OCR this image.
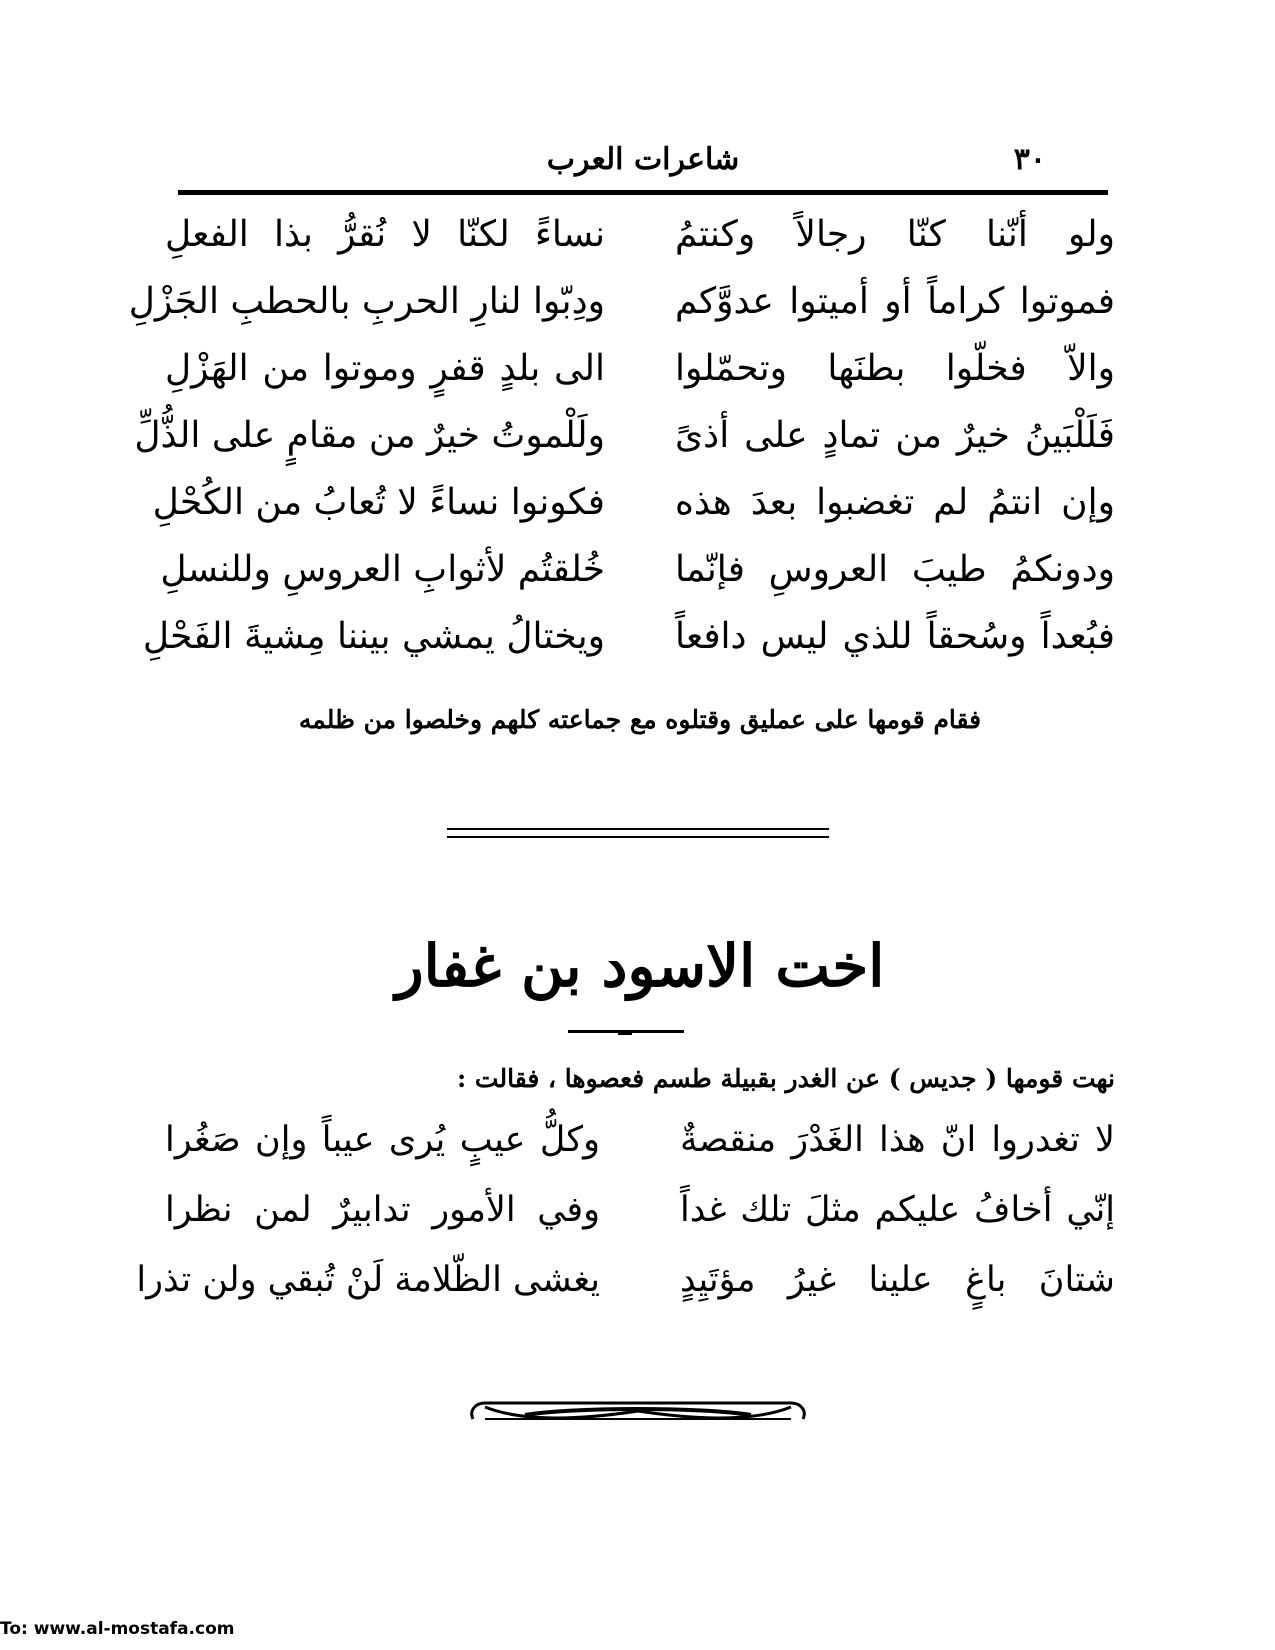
٣٠
شاعرات العرب
ولو أنّنا كنّا رجالاً وكنتمُ
نساءً لكنّا لا نُقرُّ بذا الفعلِ
فموتوا كراماً أو أميتوا عدوَّكم
ودِبّوا لنارِ الحربِ بالحطبِ الجَزْلِ
والاّ فخلّوا بطنَها وتحمّلوا
الى بلدٍ قفرٍ وموتوا من الهَزْلِ
فَلَلْبَينُ خيرٌ من تمادٍ على أذىً
ولَلْموتُ خيرٌ من مقامٍ على الذُّلِّ
وإن انتمُ لم تغضبوا بعدَ هذه
فكونوا نساءً لا تُعابُ من الكُحْلِ
ودونكمُ طيبَ العروسِ فإنّما
خُلقتُم لأثوابِ العروسِ وللنسلِ
فبُعداً وسُحقاً للذي ليس دافعاً
ويختالُ يمشي بيننا مِشيةَ الفَحْلِ
فقام قومها على عمليق وقتلوه مع جماعته كلهم وخلصوا من ظلمه
اخت الاسود بن غفار
نهت قومها ( جديس ) عن الغدر بقبيلة طسم فعصوها ، فقالت :
لا تغدروا انّ هذا الغَدْرَ منقصةٌ
وكلُّ عيبٍ يُرى عيباً وإن صَغُرا
إنّي أخافُ عليكم مثلَ تلك غداً
وفي الأمور تدابيرٌ لمن نظرا
شتانَ باغٍ علينا غيرُ مؤتَيِدٍ
يغشى الظّلامة لَنْ تُبقي ولن تذرا
To: www.al-mostafa.com
